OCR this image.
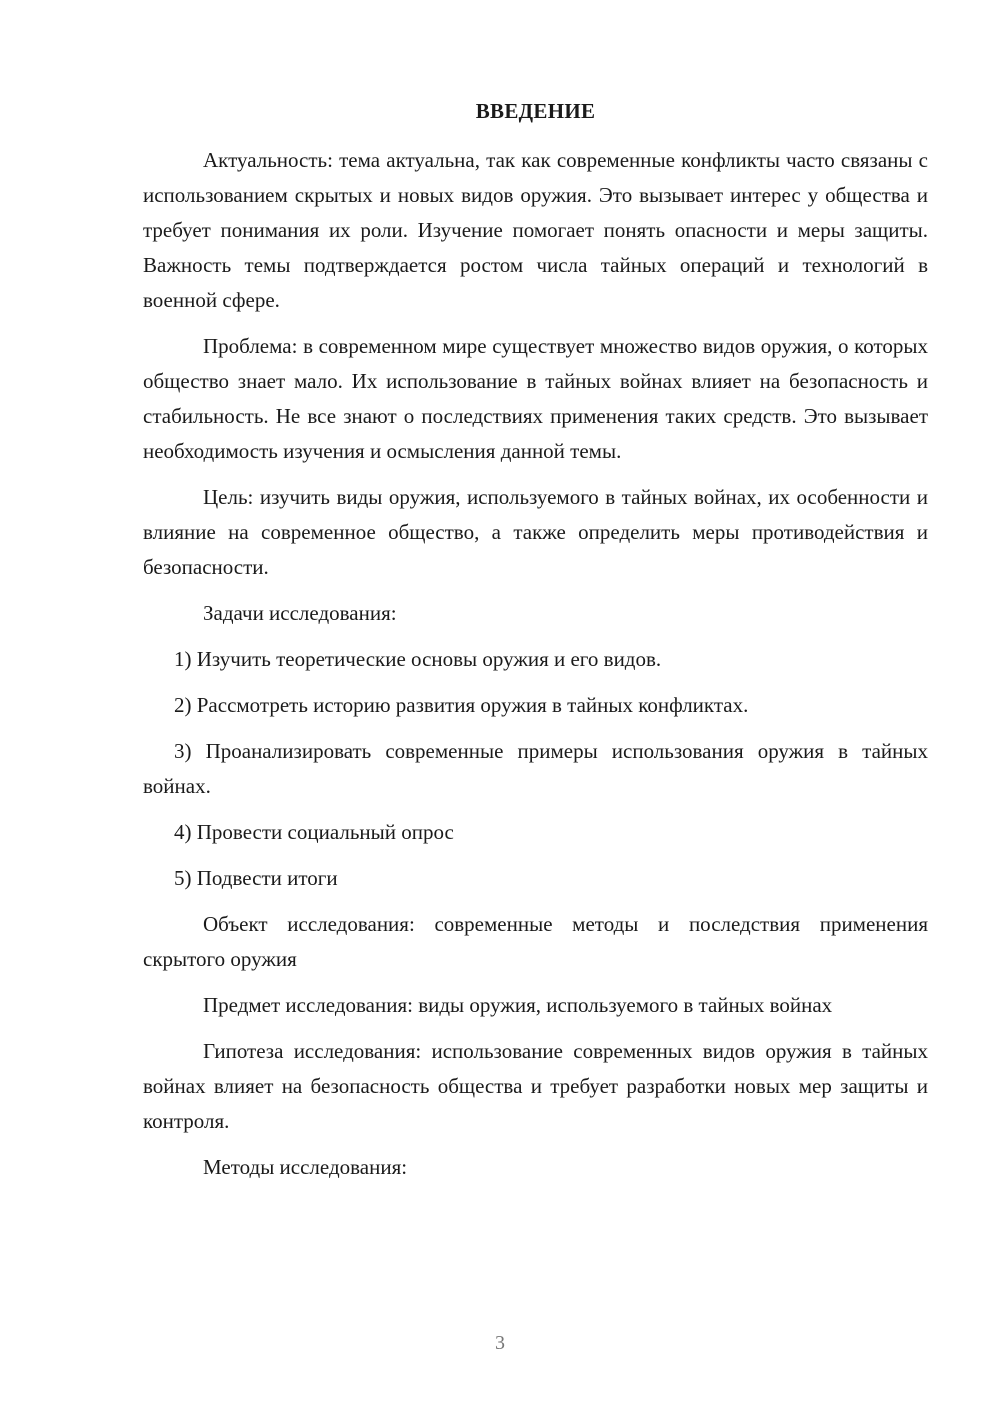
ВВЕДЕНИЕ

Актуальность: тема актуальна, так как современные конфликты часто связаны с использованием скрытых и новых видов оружия. Это вызывает интерес у общества и требует понимания их роли. Изучение помогает понять опасности и меры защиты. Важность темы подтверждается ростом числа тайных операций и технологий в военной сфере.

Проблема: в современном мире существует множество видов оружия, о которых общество знает мало. Их использование в тайных войнах влияет на безопасность и стабильность. Не все знают о последствиях применения таких средств. Это вызывает необходимость изучения и осмысления данной темы.

Цель: изучить виды оружия, используемого в тайных войнах, их особенности и влияние на современное общество, а также определить меры противодействия и безопасности.

Задачи исследования:

1) Изучить теоретические основы оружия и его видов.

2) Рассмотреть историю развития оружия в тайных конфликтах.

3) Проанализировать современные примеры использования оружия в тайных войнах.

4) Провести социальный опрос

5) Подвести итоги

Объект исследования: современные методы и последствия применения скрытого оружия

Предмет исследования: виды оружия, используемого в тайных войнах

Гипотеза исследования: использование современных видов оружия в тайных войнах влияет на безопасность общества и требует разработки новых мер защиты и контроля.

Методы исследования:

3
